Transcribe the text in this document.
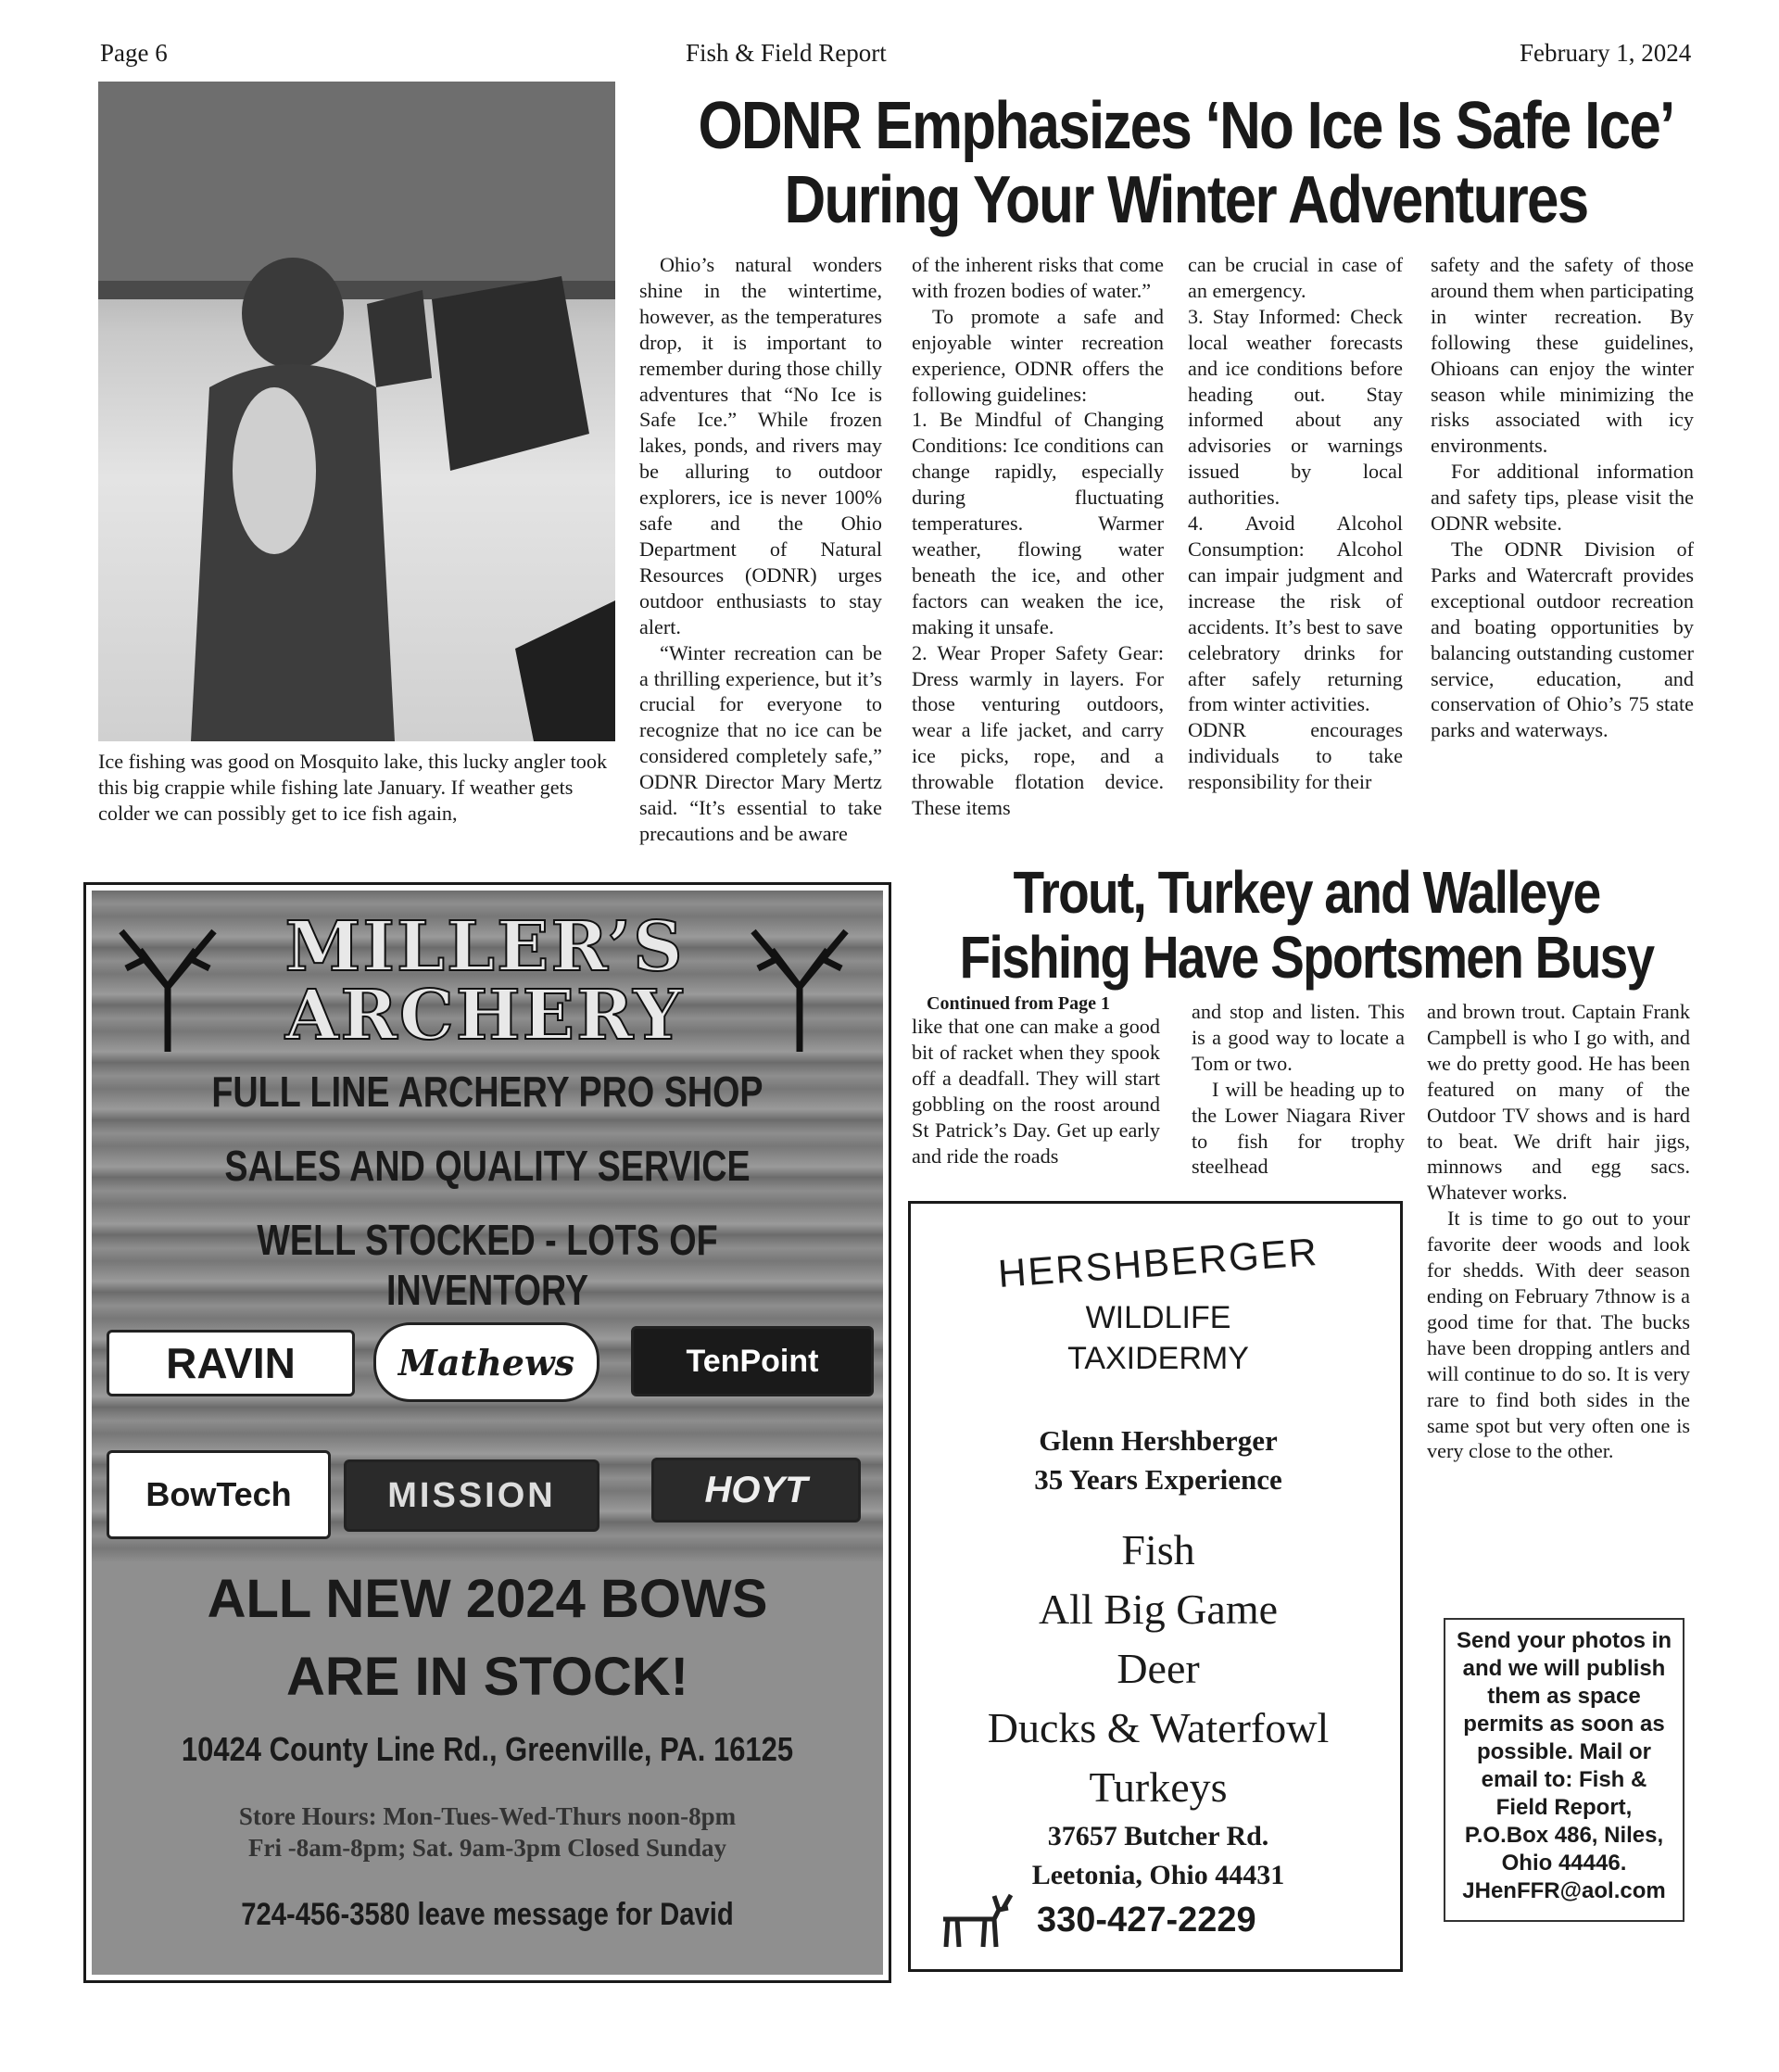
Page 6	Fish & Field Report	February 1, 2024
Ice fishing was good on Mosquito lake, this lucky angler took this big crappie while fishing late January. If weather gets colder we can possibly get to ice fish again,
ODNR Emphasizes ‘No Ice Is Safe Ice’
During Your Winter Adventures

Ohio’s natural wonders shine in the wintertime, however, as the temperatures drop, it is important to remember during those chilly adventures that “No Ice is Safe Ice.” While frozen lakes, ponds, and rivers may be alluring to outdoor explorers, ice is never 100% safe and the Ohio Department of Natural Resources (ODNR) urges outdoor enthusiasts to stay alert.

“Winter recreation can be a thrilling experience, but it’s crucial for everyone to recognize that no ice can be considered completely safe,” ODNR Director Mary Mertz said. “It’s essential to take precautions and be aware

of the inherent risks that come with frozen bodies of water.”

To promote a safe and enjoyable winter recreation experience, ODNR offers the following guidelines:

1. Be Mindful of Changing Conditions: Ice conditions can change rapidly, especially during fluctuating temperatures. Warmer weather, flowing water beneath the ice, and other factors can weaken the ice, making it unsafe.

2. Wear Proper Safety Gear: Dress warmly in layers. For those venturing outdoors, wear a life jacket, and carry ice picks, rope, and a throwable flotation device. These items

can be crucial in case of an emergency.

3. Stay Informed: Check local weather forecasts and ice conditions before heading out. Stay informed about any advisories or warnings issued by local authorities.

4. Avoid Alcohol Consumption: Alcohol can impair judgment and increase the risk of accidents. It’s best to save celebratory drinks for after safely returning from winter activities.

ODNR encourages individuals to take responsibility for their

safety and the safety of those around them when participating in winter recreation. By following these guidelines, Ohioans can enjoy the winter season while minimizing the risks associated with icy environments.

For additional information and safety tips, please visit the ODNR website.

The ODNR Division of Parks and Watercraft provides exceptional outdoor recreation and boating opportunities by balancing outstanding customer service, education, and conservation of Ohio’s 75 state parks and waterways.

Trout, Turkey and Walleye
Fishing Have Sportsmen Busy

Continued from Page 1

like that one can make a good bit of racket when they spook off a deadfall. They will start gobbling on the roost around St Patrick’s Day. Get up early and ride the roads

and stop and listen. This is a good way to locate a Tom or two.

I will be heading up to the Lower Niagara River to fish for trophy steelhead

and brown trout. Captain Frank Campbell is who I go with, and we do pretty good. He has been featured on many of the Outdoor TV shows and is hard to beat. We drift hair jigs, minnows and egg sacs. Whatever works.

It is time to go out to your favorite deer woods and look for shedds. With deer season ending on February 7thnow is a good time for that. The bucks have been dropping antlers and will continue to do so. It is very rare to find both sides in the same spot but very often one is very close to the other.

MILLER’S
ARCHERY
FULL LINE ARCHERY PRO SHOP
SALES AND QUALITY SERVICE
WELL STOCKED - LOTS OF INVENTORY
RAVIN	Mathews	TenPoint
BowTech	MISSION	HOYT
ALL NEW 2024 BOWS
ARE IN STOCK!
10424 County Line Rd., Greenville, PA. 16125
Store Hours: Mon-Tues-Wed-Thurs noon-8pm
Fri -8am-8pm; Sat. 9am-3pm Closed Sunday
724-456-3580 leave message for David
HERSHBERGER
WILDLIFE
TAXIDERMY
Glenn Hershberger
35 Years Experience
Fish
All Big Game
Deer
Ducks & Waterfowl
Turkeys
37657 Butcher Rd.
Leetonia, Ohio 44431
330-427-2229
Send your photos in and we will publish them as space permits as soon as possible. Mail or email to: Fish & Field Report, P.O.Box 486, Niles, Ohio 44446. JHenFFR@aol.com
